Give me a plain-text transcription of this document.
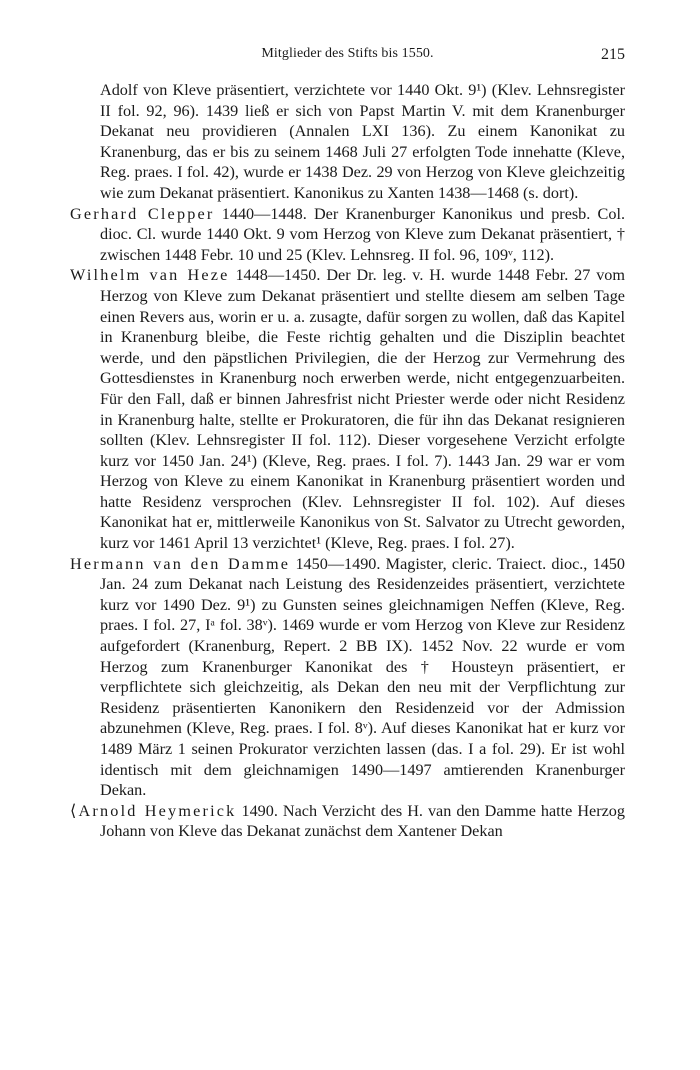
Mitglieder des Stifts bis 1550.	215

Adolf von Kleve präsentiert, verzichtete vor 1440 Okt. 9¹) (Klev. Lehnsregister II fol. 92, 96). 1439 ließ er sich von Papst Martin V. mit dem Kranenburger Dekanat neu providieren (Annalen LXI 136). Zu einem Kanonikat zu Kranenburg, das er bis zu seinem 1468 Juli 27 erfolgten Tode innehatte (Kleve, Reg. praes. I fol. 42), wurde er 1438 Dez. 29 von Herzog von Kleve gleichzeitig wie zum Dekanat präsentiert. Kanonikus zu Xanten 1438—1468 (s. dort).

Gerhard Clepper 1440—1448. Der Kranenburger Kanonikus und presb. Col. dioc. Cl. wurde 1440 Okt. 9 vom Herzog von Kleve zum Dekanat präsentiert, † zwischen 1448 Febr. 10 und 25 (Klev. Lehnsreg. II fol. 96, 109ᵛ, 112).

Wilhelm van Heze 1448—1450. Der Dr. leg. v. H. wurde 1448 Febr. 27 vom Herzog von Kleve zum Dekanat präsentiert und stellte diesem am selben Tage einen Revers aus, worin er u. a. zusagte, dafür sorgen zu wollen, daß das Kapitel in Kranenburg bleibe, die Feste richtig gehalten und die Disziplin beachtet werde, und den päpstlichen Privilegien, die der Herzog zur Vermehrung des Gottesdienstes in Kranenburg noch erwerben werde, nicht entgegenzuarbeiten. Für den Fall, daß er binnen Jahresfrist nicht Priester werde oder nicht Residenz in Kranenburg halte, stellte er Prokuratoren, die für ihn das Dekanat resignieren sollten (Klev. Lehnsregister II fol. 112). Dieser vorgesehene Verzicht erfolgte kurz vor 1450 Jan. 24¹) (Kleve, Reg. praes. I fol. 7). 1443 Jan. 29 war er vom Herzog von Kleve zu einem Kanonikat in Kranenburg präsentiert worden und hatte Residenz versprochen (Klev. Lehnsregister II fol. 102). Auf dieses Kanonikat hat er, mittlerweile Kanonikus von St. Salvator zu Utrecht geworden, kurz vor 1461 April 13 verzichtet¹ (Kleve, Reg. praes. I fol. 27).

Hermann van den Damme 1450—1490. Magister, cleric. Traiect. dioc., 1450 Jan. 24 zum Dekanat nach Leistung des Residenzeides präsentiert, verzichtete kurz vor 1490 Dez. 9¹) zu Gunsten seines gleichnamigen Neffen (Kleve, Reg. praes. I fol. 27, Iᵃ fol. 38ᵛ). 1469 wurde er vom Herzog von Kleve zur Residenz aufgefordert (Kranenburg, Repert. 2 BB IX). 1452 Nov. 22 wurde er vom Herzog zum Kranenburger Kanonikat des † Housteyn präsentiert, er verpflichtete sich gleichzeitig, als Dekan den neu mit der Verpflichtung zur Residenz präsentierten Kanonikern den Residenzeid vor der Admission abzunehmen (Kleve, Reg. praes. I fol. 8ᵛ). Auf dieses Kanonikat hat er kurz vor 1489 März 1 seinen Prokurator verzichten lassen (das. I a fol. 29). Er ist wohl identisch mit dem gleichnamigen 1490—1497 amtierenden Kranenburger Dekan.

⟨Arnold Heymerick 1490. Nach Verzicht des H. van den Damme hatte Herzog Johann von Kleve das Dekanat zunächst dem Xantener Dekan
